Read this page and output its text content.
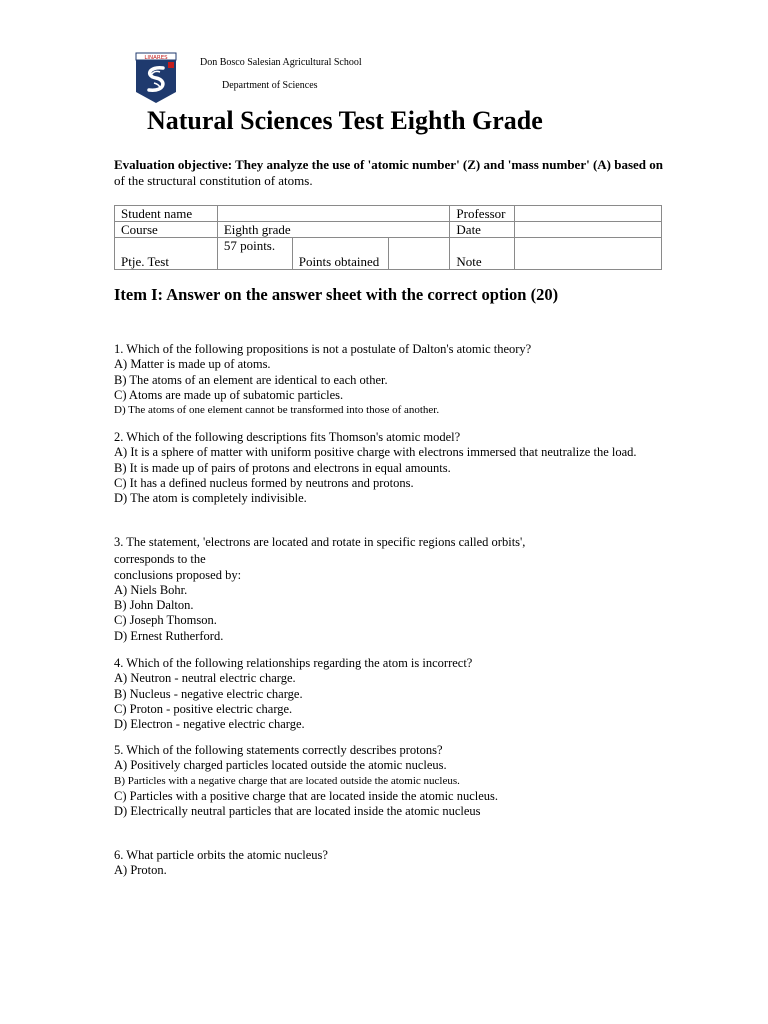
LINARES	Don Bosco Salesian Agricultural School
Department of Sciences
Natural Sciences Test Eighth Grade
Evaluation objective: They analyze the use of 'atomic number' (Z) and 'mass number' (A) based on
of the structural constitution of atoms.
Student name				Professor	
Course	Eighth grade			Date	
Ptje. Test	57 points.	Points obtained		Note	
Item I: Answer on the answer sheet with the correct option (20)
1. Which of the following propositions is not a postulate of Dalton's atomic theory?
A) Matter is made up of atoms.
B) The atoms of an element are identical to each other.
C) Atoms are made up of subatomic particles.
D) The atoms of one element cannot be transformed into those of another.
2. Which of the following descriptions fits Thomson's atomic model?
A) It is a sphere of matter with uniform positive charge with electrons immersed that neutralize the load.
B) It is made up of pairs of protons and electrons in equal amounts.
C) It has a defined nucleus formed by neutrons and protons.
D) The atom is completely indivisible.
3. The statement, 'electrons are located and rotate in specific regions called orbits',
corresponds to the
conclusions proposed by:
A) Niels Bohr.
B) John Dalton.
C) Joseph Thomson.
D) Ernest Rutherford.
4. Which of the following relationships regarding the atom is incorrect?
A) Neutron - neutral electric charge.
B) Nucleus - negative electric charge.
C) Proton - positive electric charge.
D) Electron - negative electric charge.
5. Which of the following statements correctly describes protons?
A) Positively charged particles located outside the atomic nucleus.
B) Particles with a negative charge that are located outside the atomic nucleus.
C) Particles with a positive charge that are located inside the atomic nucleus.
D) Electrically neutral particles that are located inside the atomic nucleus
6. What particle orbits the atomic nucleus?
A) Proton.
